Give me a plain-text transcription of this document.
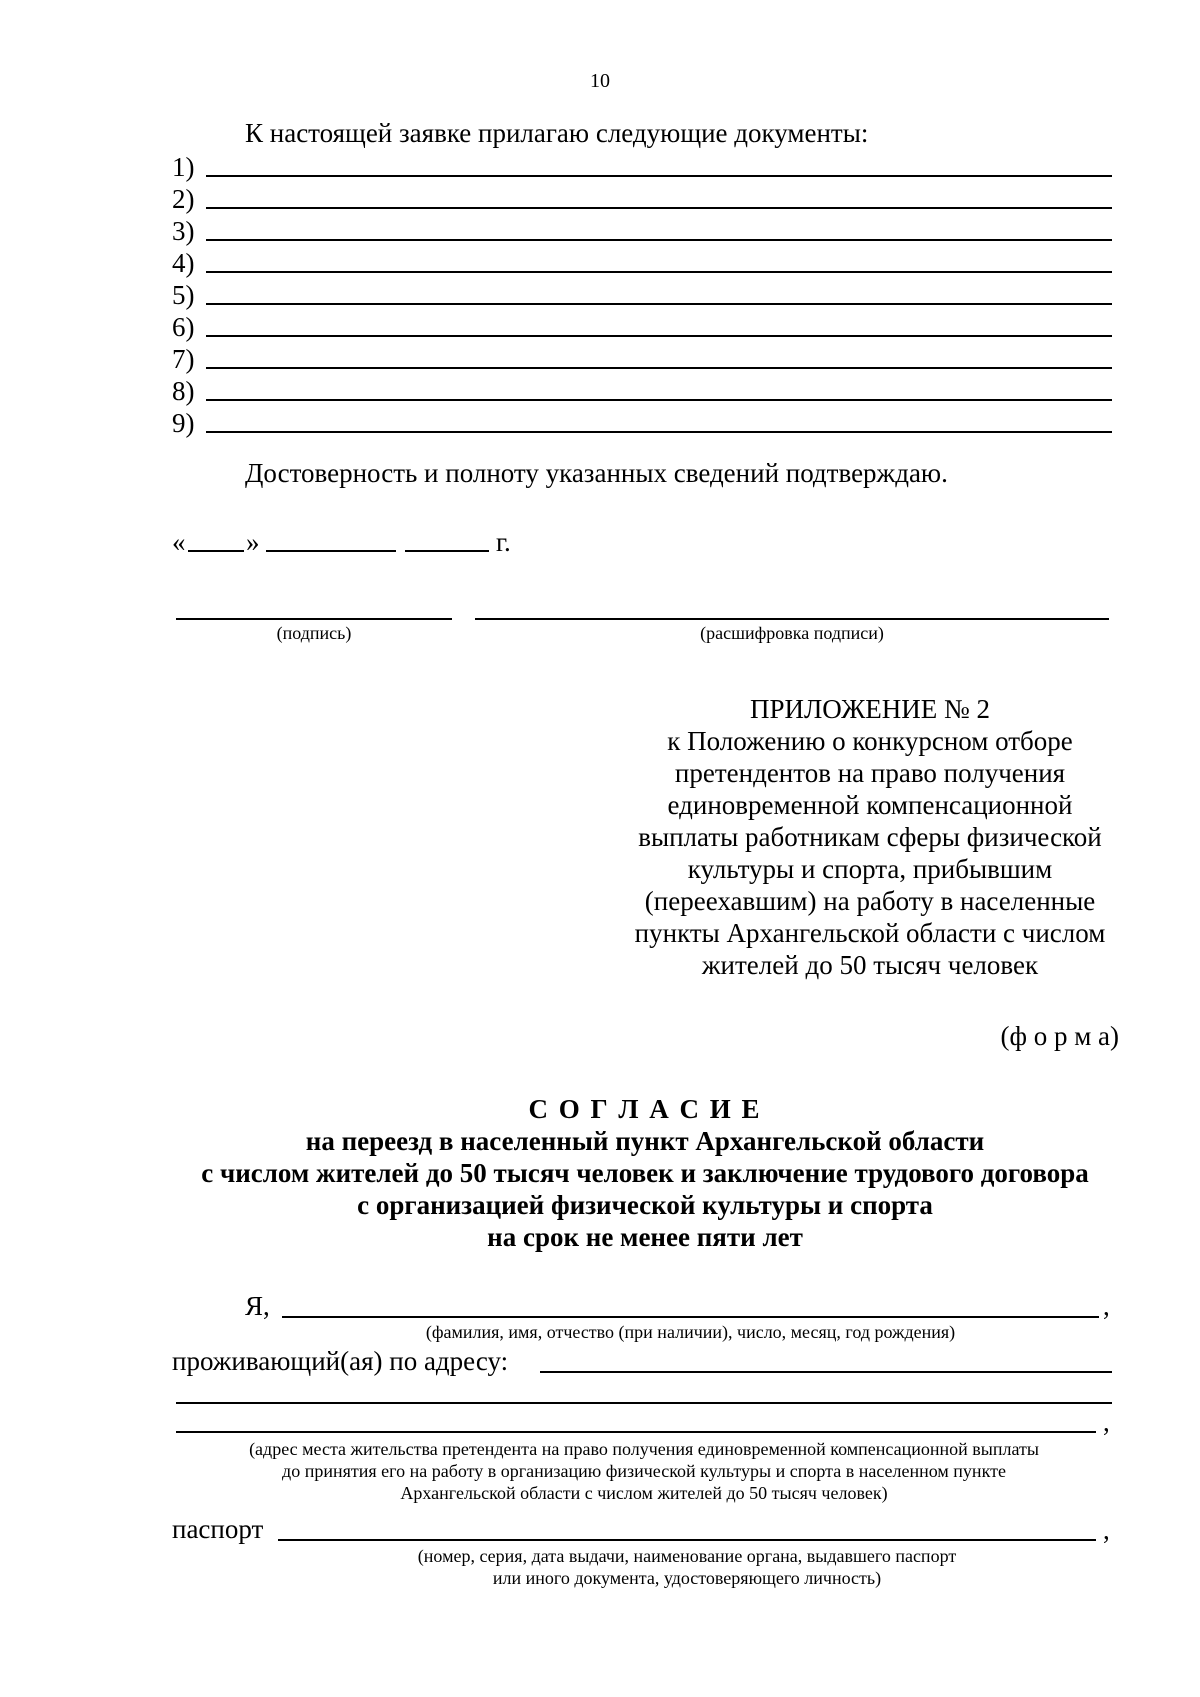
10
К настоящей заявке прилагаю следующие документы:
1)
2)
3)
4)
5)
6)
7)
8)
9)
Достоверность и полноту указанных сведений подтверждаю.
« »	г.
(подпись)	(расшифровка подписи)
ПРИЛОЖЕНИЕ № 2
к Положению о конкурсном отборе
претендентов на право получения
единовременной компенсационной
выплаты работникам сферы физической
культуры и спорта, прибывшим
(переехавшим) на работу в населенные
пункты Архангельской области с числом
жителей до 50 тысяч человек
(ф о р м а)
С О Г Л А С И Е
на переезд в населенный пункт Архангельской области
с числом жителей до 50 тысяч человек и заключение трудового договора
с организацией физической культуры и спорта
на срок не менее пяти лет
Я,	,
(фамилия, имя, отчество (при наличии), число, месяц, год рождения)
проживающий(ая) по адресу:
,
(адрес места жительства претендента на право получения единовременной компенсационной выплаты
до принятия его на работу в организацию физической культуры и спорта в населенном пункте
Архангельской области с числом жителей до 50 тысяч человек)
паспорт	,
(номер, серия, дата выдачи, наименование органа, выдавшего паспорт
или иного документа, удостоверяющего личность)
